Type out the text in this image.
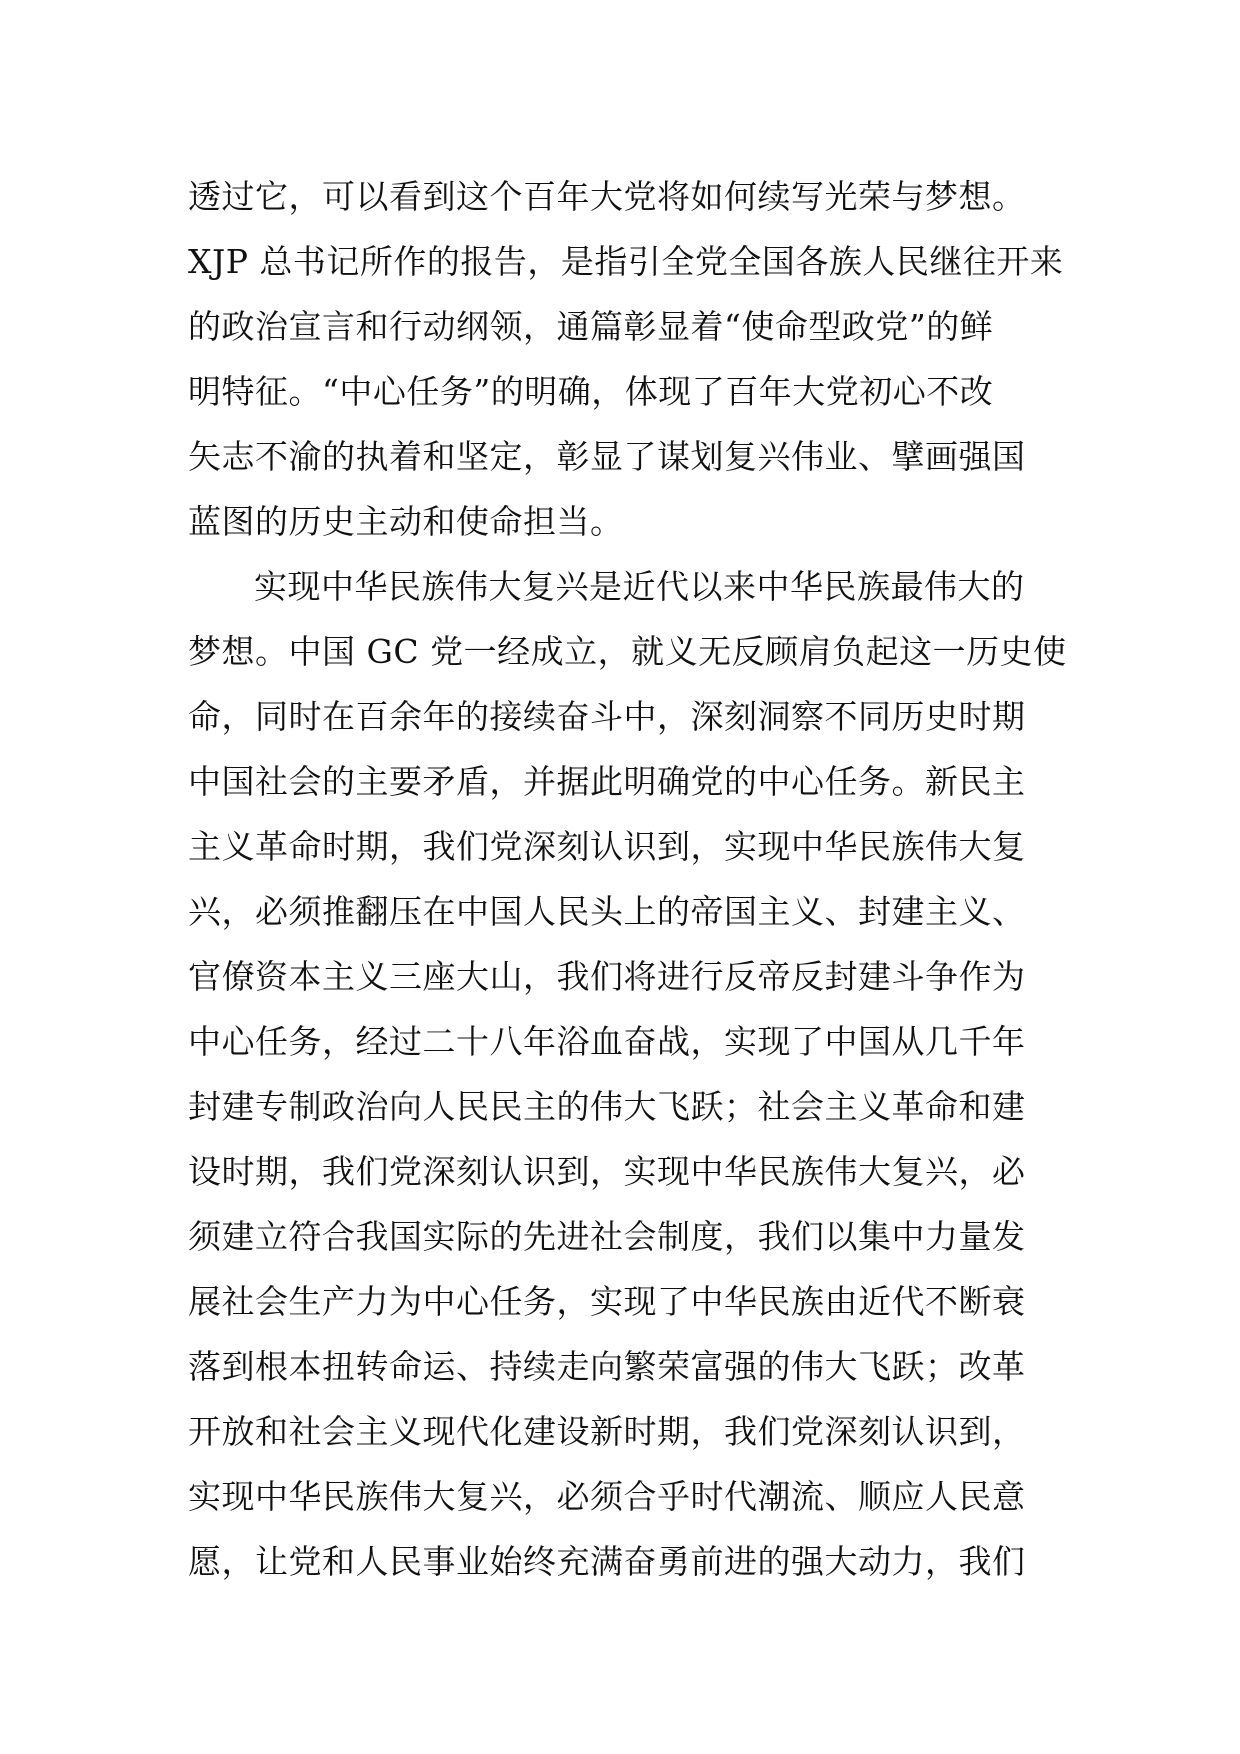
透过它，可以看到这个百年大党将如何续写光荣与梦想。
XJP 总书记所作的报告，是指引全党全国各族人民继往开来
的政治宣言和行动纲领，通篇彰显着“使命型政党”的鲜
明特征。“中心任务”的明确，体现了百年大党初心不改
矢志不渝的执着和坚定，彰显了谋划复兴伟业、擘画强国
蓝图的历史主动和使命担当。
实现中华民族伟大复兴是近代以来中华民族最伟大的
梦想。中国 GC 党一经成立，就义无反顾肩负起这一历史使
命，同时在百余年的接续奋斗中，深刻洞察不同历史时期
中国社会的主要矛盾，并据此明确党的中心任务。新民主
主义革命时期，我们党深刻认识到，实现中华民族伟大复
兴，必须推翻压在中国人民头上的帝国主义、封建主义、
官僚资本主义三座大山，我们将进行反帝反封建斗争作为
中心任务，经过二十八年浴血奋战，实现了中国从几千年
封建专制政治向人民民主的伟大飞跃；社会主义革命和建
设时期，我们党深刻认识到，实现中华民族伟大复兴，必
须建立符合我国实际的先进社会制度，我们以集中力量发
展社会生产力为中心任务，实现了中华民族由近代不断衰
落到根本扭转命运、持续走向繁荣富强的伟大飞跃；改革
开放和社会主义现代化建设新时期，我们党深刻认识到，
实现中华民族伟大复兴，必须合乎时代潮流、顺应人民意
愿，让党和人民事业始终充满奋勇前进的强大动力，我们
